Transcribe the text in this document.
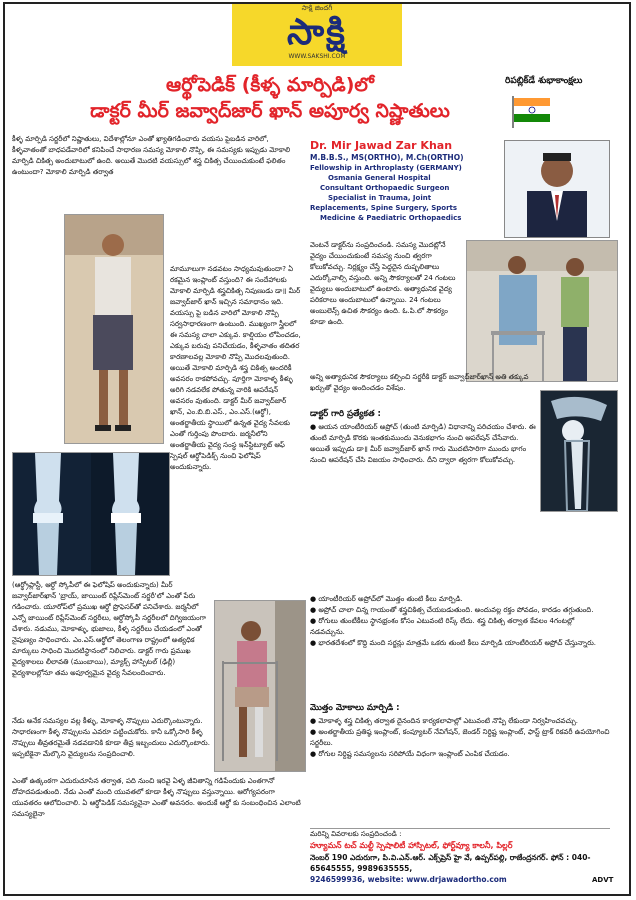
సాక్షి జిందగీ
సాక్షి
WWW.SAKSHI.COM
ఆర్థోపెడిక్ (కీళ్ళ మార్పిడి)లో
డాక్టర్ మీర్ జవ్వాద్‌జార్ ఖాన్ అపూర్వ నిష్ణాతులు
రిపబ్లిక్‌డే శుభాకాంక్షలు
కీళ్ళ మార్పిడి సర్జరీలో నిష్ణాతులు, విదేశాల్లోనూ ఎంతో ఖ్యాతిగడించారు వయసు పైబడిన వారిలో, కీళ్ళవాతంతో బాధపడేవారిలో కనిపించే సాధారణ సమస్య మోకాలి నొప్పి, ఈ సమస్యకు ఇప్పుడు మోకాలి మార్పిడి చికిత్స అందుబాటులో ఉంది. అయితే మొదటి వయస్సులో శస్త్ర చికిత్స చేయించుకుంటే ఫలితం ఉంటుందా? మోకాలి మార్పిడి తర్వాత
మామూలుగా నడవటం సాధ్యమవుతుందా? ఏ రకమైన ఇంప్లాంట్ వస్తుంది? ఈ సందేహాలకు మోకాలి మార్పిడి శస్త్రచికిత్స నిపుణుడు డా॥ మీర్ జవ్వాద్‌జార్ ఖాన్ ఇచ్చిన సమాధానం ఇది. వయస్సు పై బడిన వారిలో మోకాలి నొప్పి సర్వసాధారణంగా ఉంటుంది. ముఖ్యంగా స్త్రీలలో ఈ సమస్య చాలా ఎక్కువ. కాల్షియం లోపించడం, ఎక్కువ బరువు పనిచేయడం, కీళ్ళవాతం తదితర కారణాలవల్ల మోకాలి నొప్పి మొదలవుతుంది. అయితే మోకాలి మార్పిడి శస్త్ర చికిత్స అందరికీ అవసరం రాకపోవచ్చు. పూర్తిగా మోకాళ్ళ కీళ్ళు అరిగి నడవలేక పోతున్న వారికి ఆపరేషన్ అవసరం వుతుంది. డాక్టర్ మీర్ జవ్వాద్‌జార్ ఖాన్, ఎం.బి.బి.ఎస్., ఎం.ఎస్.(ఆర్థో), అంతర్జాతీయ స్థాయిలో ఉన్నత వైద్య సేవలకు ఎంతో గుర్తింపు పొందారు. జర్మనీలోని అంతర్జాతీయ వైద్య సంస్థ ఇన్‌స్టిట్యూట్ ఆఫ్ స్పెషల్ ఆర్థోపెడిక్స్ నుంచి ఫెలోషిప్ అందుకున్నారు.
(ఆర్థ్రోప్లాస్టీ, ఆర్థో స్కోపీలో ఈ ఫెలోషిప్ అందుకున్నారు) మీర్ జవ్వాద్‌జార్‌ఖాన్ 'బ్రాయ్, జాయింట్ రిప్లేస్‌మెంట్ సర్జరీ'లో ఎంతో పేరు గడించారు. యూరోప్‌లో ప్రముఖ ఆర్థో ప్రొఫెసర్‌తో పనిచేశారు. జర్మనీలో ఎన్నో జాయింట్ రిప్లేస్‌మెంట్ సర్జరీలు, ఆర్థోస్కోపీ సర్జరీలలో దిగ్విజయంగా చేశారు. నడుము, మోకాళ్ళు, భుజాలు, కీళ్ళ సర్జరీలు చేయడంలో ఎంతో నైపుణ్యం సాధించారు. ఎం.ఎస్.ఆర్థోలో తెలంగాణ రాష్ట్రంలో అత్యధిక మార్కులు సాధించి మొదటిస్థానంలో నిలిచారు. డాక్టర్ గారు ప్రముఖ వైద్యశాలలు లీలావతి (ముంబాయి), మ్యాక్స్ హాస్పిటల్ (ఢిల్లీ) వైద్యశాలల్లోనూ తమ అపూర్వమైన వైద్య సేవలందించారు.
ఎంతో ఉత్కంఠగా ఎదురుచూసిన తర్వాత, పది నుంచి ఇరవై ఏళ్ళ జీవితాన్ని గడిపేందుకు ఎంతగానో దోహదపడుతుంది. నేడు ఎంతో మంది యువతలో కూడా కీళ్ళ నొప్పులు వస్తున్నాయి. ఆరోగ్యపరంగా యువతరం ఆలోచించాలి. ఏ ఆర్థోపెడిక్ సమస్యనైనా ఎంతో అవసరం. అందుకే ఆర్థో కు సంబంధించిన ఎలాంటి సమస్యలైనా
నేడు అనేక సమస్యల వల్ల కీళ్ళు, మోకాళ్ళ నొప్పులు ఎదుర్కొంటున్నారు. సాధారణంగా కీళ్ళ నొప్పులను ఎవరూ పట్టించుకోరు. కానీ ఒక్కోసారి కీళ్ళ నొప్పులు తీవ్రతరమైతే నడవడానికి కూడా తీవ్ర ఇబ్బందులు ఎదుర్కొంటారు. ఇప్పటికైనా మేల్కొని వైద్యులను సంప్రదించాలి.
Dr. Mir Jawad Zar Khan
M.B.B.S., MS(ORTHO), M.Ch(ORTHO)
Fellowship in Arthroplasty (GERMANY)
Osmania General Hospital
Consultant Orthopaedic Surgeon
Specialist in Trauma, Joint
Replacements, Spine Surgery, Sports
Medicine & Paediatric Orthopaedics
వెంటనే డాక్టర్‌ను సంప్రదించండి. సమస్య మొదట్లోనే వైద్యం చేయించుకుంటే సమస్య నుంచి త్వరగా కోలుకోవచ్చు. నిర్లక్ష్యం చేస్తే పెద్దదైన దుష్ఫలితాలు ఎదుర్కోవాల్సి వస్తుంది. అన్ని సౌకర్యాలతో 24 గంటలు వైద్యులు అందుబాటులో ఉంటారు. అత్యాధునిక వైద్య పరికరాలు అందుబాటులో ఉన్నాయి. 24 గంటలు అంబులెన్స్ ఉచిత సౌకర్యం ఉంది. ఓ.పి.లో సౌకర్యం కూడా ఉంది.
అన్ని అత్యాధునిక సౌకర్యాలు కల్పించి సర్జరీకి డాక్టర్ జవ్వాద్‌జార్‌ఖాన్ అతి తక్కువ ఖర్చుతో వైద్యం అందించడం విశేషం.
డాక్టర్ గారి ప్రత్యేకత :
● ఆయన యాంటీరియర్ అప్రోచ్ (తుంటి మార్పిడి) విధానాన్ని పరిచయం చేశారు. ఈ తుంటి మార్పిడి కొరకు ఇంతకుముందు వెనుకభాగం నుంచి ఆపరేషన్ చేసేవారు. అయితే ఇప్పుడు డా॥ మీర్ జవ్వాద్‌జార్ ఖాన్ గారు మొదటిసారిగా ముందు భాగం నుంచి ఆపరేషన్ చేసి విజయం సాధించారు. దీని ద్వారా త్వరగా కోలుకోవచ్చు.
● యాంటీరియర్ అప్రోచ్‌లో మొత్తం తుంటి కీలు మార్పిడి.
● అప్రోచ్ చాలా చిన్న గాయంతో శస్త్రచికిత్స చేయబడుతుంది. అందువల్ల రక్తం పోవడం, కారడం తగ్గుతుంది.
● రోగులు తుంటీకీలు స్థానభ్రంశం కోసం ఎటువంటి రిస్క్ లేదు. శస్త్ర చికిత్స తర్వాత కేవలం 4గంటల్లో నడవచ్చును.
● భారతదేశంలో కొద్ది మంది సర్జన్లు మాత్రమే ఒకరు తుంటి కీలు మార్పిడి యాంటీరియర్ అప్రోచ్ చేస్తున్నారు.
మొత్తం మోకాలు మార్పిడి :
● మోకాళ్ళ శస్త్ర చికిత్స తర్వాత దైనందిన కార్యకలాపాల్లో ఎటువంటి నొప్పి లేకుండా నిర్వహించవచ్చు.
● అంతర్జాతీయ ప్రతిష్ఠ ఇంప్లాంట్, కంప్యూటర్ నేవిగేషన్, జెండర్ నిర్దిష్ట ఇంప్లాంట్, ఫాస్ట్ ట్రాక్ రికవరీ ఉపయోగించి సర్జరీలు.
● రోగుల నిర్దిష్ట సమస్యలను సరిపోయే విధంగా ఇంప్లాంట్ ఎంపిక చేయడం.
మరిన్ని వివరాలకు సంప్రదించండి :
హ్యూమన్ టచ్ మల్టీ స్పెషాలిటీ హాస్పిటల్, ఫోర్ట్‌వ్యూ కాలనీ, పిల్లర్
నెంబర్ 190 ఎదురుగా, పి.వి.ఎన్.ఆర్. ఎక్స్‌ప్రెస్ హై వే, ఉప్పర్‌పల్లి, రాజేంద్రనగర్. ఫోన్ : 040-65645555, 9989635555,
9246599936, website: www.drjawadortho.com	ADVT
